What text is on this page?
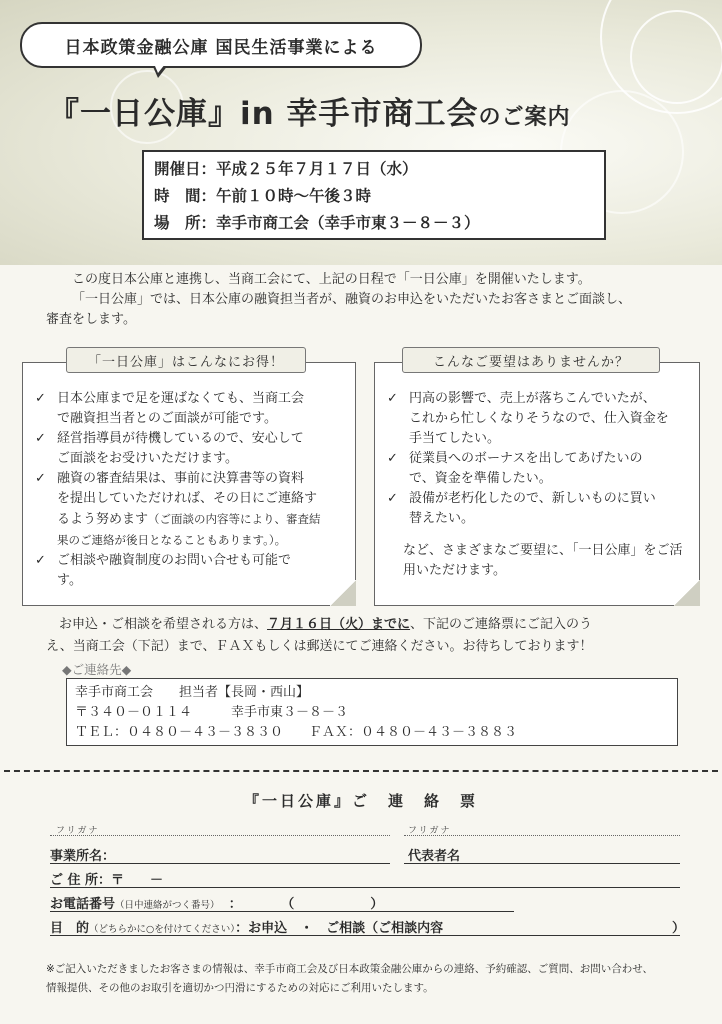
日本政策金融公庫 国民生活事業による
『一日公庫』in 幸手市商工会のご案内
開催日：平成２５年７月１７日（水）
時　間：午前１０時～午後３時
場　所：幸手市商工会（幸手市東３－８－３）

この度日本公庫と連携し、当商工会にて、上記の日程で「一日公庫」を開催いたします。

「一日公庫」では、日本公庫の融資担当者が、融資のお申込をいただいたお客さまとご面談し、

審査をします。

✓ 日本公庫まで足を運ばなくても、当商工会
で融資担当者とのご面談が可能です。
✓ 経営指導員が待機しているので、安心して
ご面談をお受けいただけます。
✓ 融資の審査結果は、事前に決算書等の資料
を提出していただければ、その日にご連絡す
るよう努めます（ご面談の内容等により、審査結
果のご連絡が後日となることもあります。）。
✓ ご相談や融資制度のお問い合せも可能で
す。
「一日公庫」はこんなにお得！
✓ 円高の影響で、売上が落ちこんでいたが、
これから忙しくなりそうなので、仕入資金を
手当てしたい。
✓ 従業員へのボーナスを出してあげたいの
で、資金を準備したい。
✓ 設備が老朽化したので、新しいものに買い
替えたい。
など、さまざまなご要望に、「一日公庫」をご活
用いただけます。
こんなご要望はありませんか？

　お申込・ご相談を希望される方は、７月１６日（火）までに、下記のご連絡票にご記入のう

え、当商工会（下記）まで、ＦＡＸもしくは郵送にてご連絡ください。お待ちしております！

◆ご連絡先◆
幸手市商工会　　担当者【長岡・西山】
〒３４０－０１１４　　　幸手市東３－８－３
ＴＥＬ：０４８０－４３－３８３０　　ＦＡＸ：０４８０－４３－３８８３
『一日公庫』ご　連　絡　票
フリガナ	フリガナ
事業所名：	代表者名
ご 住 所：〒　　－
お電話番号（日中連絡がつく番号） ：	（	）
目　的（どちらかに○を付けてください）：お申込　・　ご相談（ご相談内容	）

※ご記入いただきましたお客さまの情報は、幸手市商工会及び日本政策金融公庫からの連絡、予約確認、ご質問、お問い合わせ、

情報提供、その他のお取引を適切かつ円滑にするための対応にご利用いたします。
